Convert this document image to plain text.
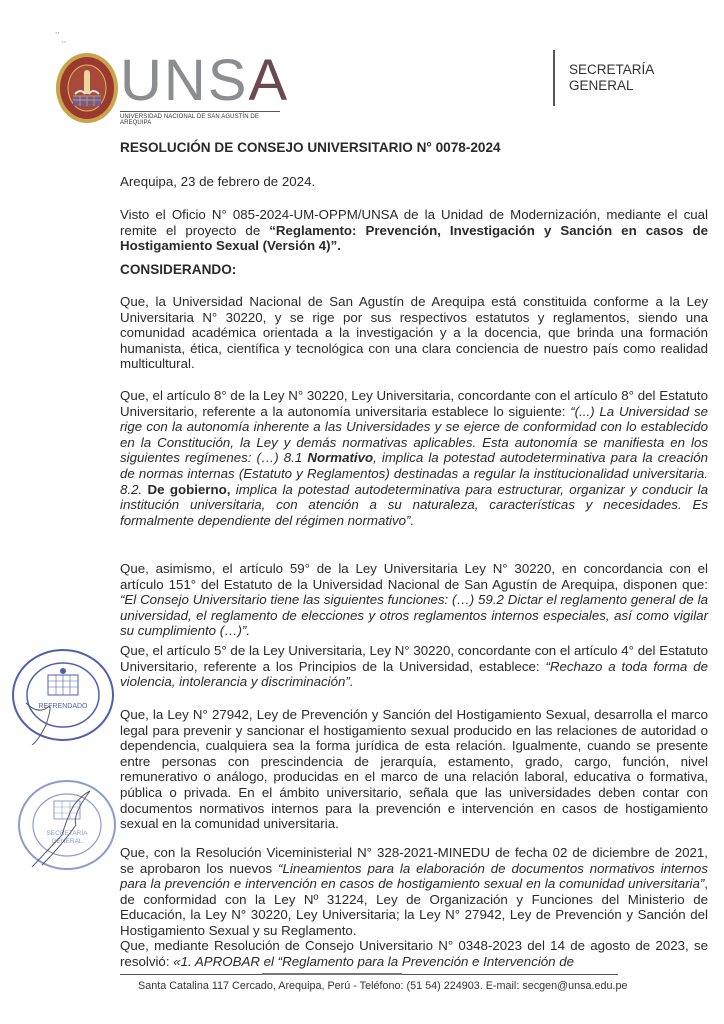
∙∙
∙∙
UNSA
UNIVERSIDAD NACIONAL DE SAN AGUSTÍN DE AREQUIPA
SECRETARÍA
GENERAL
RESOLUCIÓN DE CONSEJO UNIVERSITARIO N° 0078-2024
Arequipa, 23 de febrero de 2024.
Visto el Oficio N° 085-2024-UM-OPPM/UNSA de la Unidad de Modernización, mediante el cual remite el proyecto de “Reglamento: Prevención, Investigación y Sanción en casos de Hostigamiento Sexual (Versión 4)”.
CONSIDERANDO:
Que, la Universidad Nacional de San Agustín de Arequipa está constituida conforme a la Ley Universitaria N° 30220, y se rige por sus respectivos estatutos y reglamentos, siendo una comunidad académica orientada a la investigación y a la docencia, que brinda una formación humanista, ética, científica y tecnológica con una clara conciencia de nuestro país como realidad multicultural.
Que, el artículo 8° de la Ley N° 30220, Ley Universitaria, concordante con el artículo 8° del Estatuto Universitario, referente a la autonomía universitaria establece lo siguiente: “(...) La Universidad se rige con la autonomía inherente a las Universidades y se ejerce de conformidad con lo establecido en la Constitución, la Ley y demás normativas aplicables. Esta autonomía se manifiesta en los siguientes regímenes: (…) 8.1 Normativo, implica la potestad autodeterminativa para la creación de normas internas (Estatuto y Reglamentos) destinadas a regular la institucionalidad universitaria. 8.2. De gobierno, implica la potestad autodeterminativa para estructurar, organizar y conducir la institución universitaria, con atención a su naturaleza, características y necesidades. Es formalmente dependiente del régimen normativo”.
Que, asimismo, el artículo 59° de la Ley Universitaria Ley N° 30220, en concordancia con el artículo 151° del Estatuto de la Universidad Nacional de San Agustín de Arequipa, disponen que: “El Consejo Universitario tiene las siguientes funciones: (…) 59.2 Dictar el reglamento general de la universidad, el reglamento de elecciones y otros reglamentos internos especiales, así como vigilar su cumplimiento (…)”.
Que, el artículo 5° de la Ley Universitaria, Ley N° 30220, concordante con el artículo 4° del Estatuto Universitario, referente a los Principios de la Universidad, establece: “Rechazo a toda forma de violencia, intolerancia y discriminación”.
Que, la Ley N° 27942, Ley de Prevención y Sanción del Hostigamiento Sexual, desarrolla el marco legal para prevenir y sancionar el hostigamiento sexual producido en las relaciones de autoridad o dependencia, cualquiera sea la forma jurídica de esta relación. Igualmente, cuando se presente entre personas con prescindencia de jerarquía, estamento, grado, cargo, función, nivel remunerativo o análogo, producidas en el marco de una relación laboral, educativa o formativa, pública o privada. En el ámbito universitario, señala que las universidades deben contar con documentos normativos internos para la prevención e intervención en casos de hostigamiento sexual en la comunidad universitaria.
Que, con la Resolución Viceministerial N° 328-2021-MINEDU de fecha 02 de diciembre de 2021, se aprobaron los nuevos “Lineamientos para la elaboración de documentos normativos internos para la prevención e intervención en casos de hostigamiento sexual en la comunidad universitaria”, de conformidad con la Ley Nº 31224, Ley de Organización y Funciones del Ministerio de Educación, la Ley N° 30220, Ley Universitaria; la Ley N° 27942, Ley de Prevención y Sanción del Hostigamiento Sexual y su Reglamento.
Que, mediante Resolución de Consejo Universitario N° 0348-2023 del 14 de agosto de 2023, se resolvió: «1. APROBAR el “Reglamento para la Prevención e Intervención de
REFRENDADO
SECRETARÍA
GENERAL
Santa Catalina 117 Cercado, Arequipa, Perú - Teléfono: (51 54) 224903. E-mail: secgen@unsa.edu.pe
